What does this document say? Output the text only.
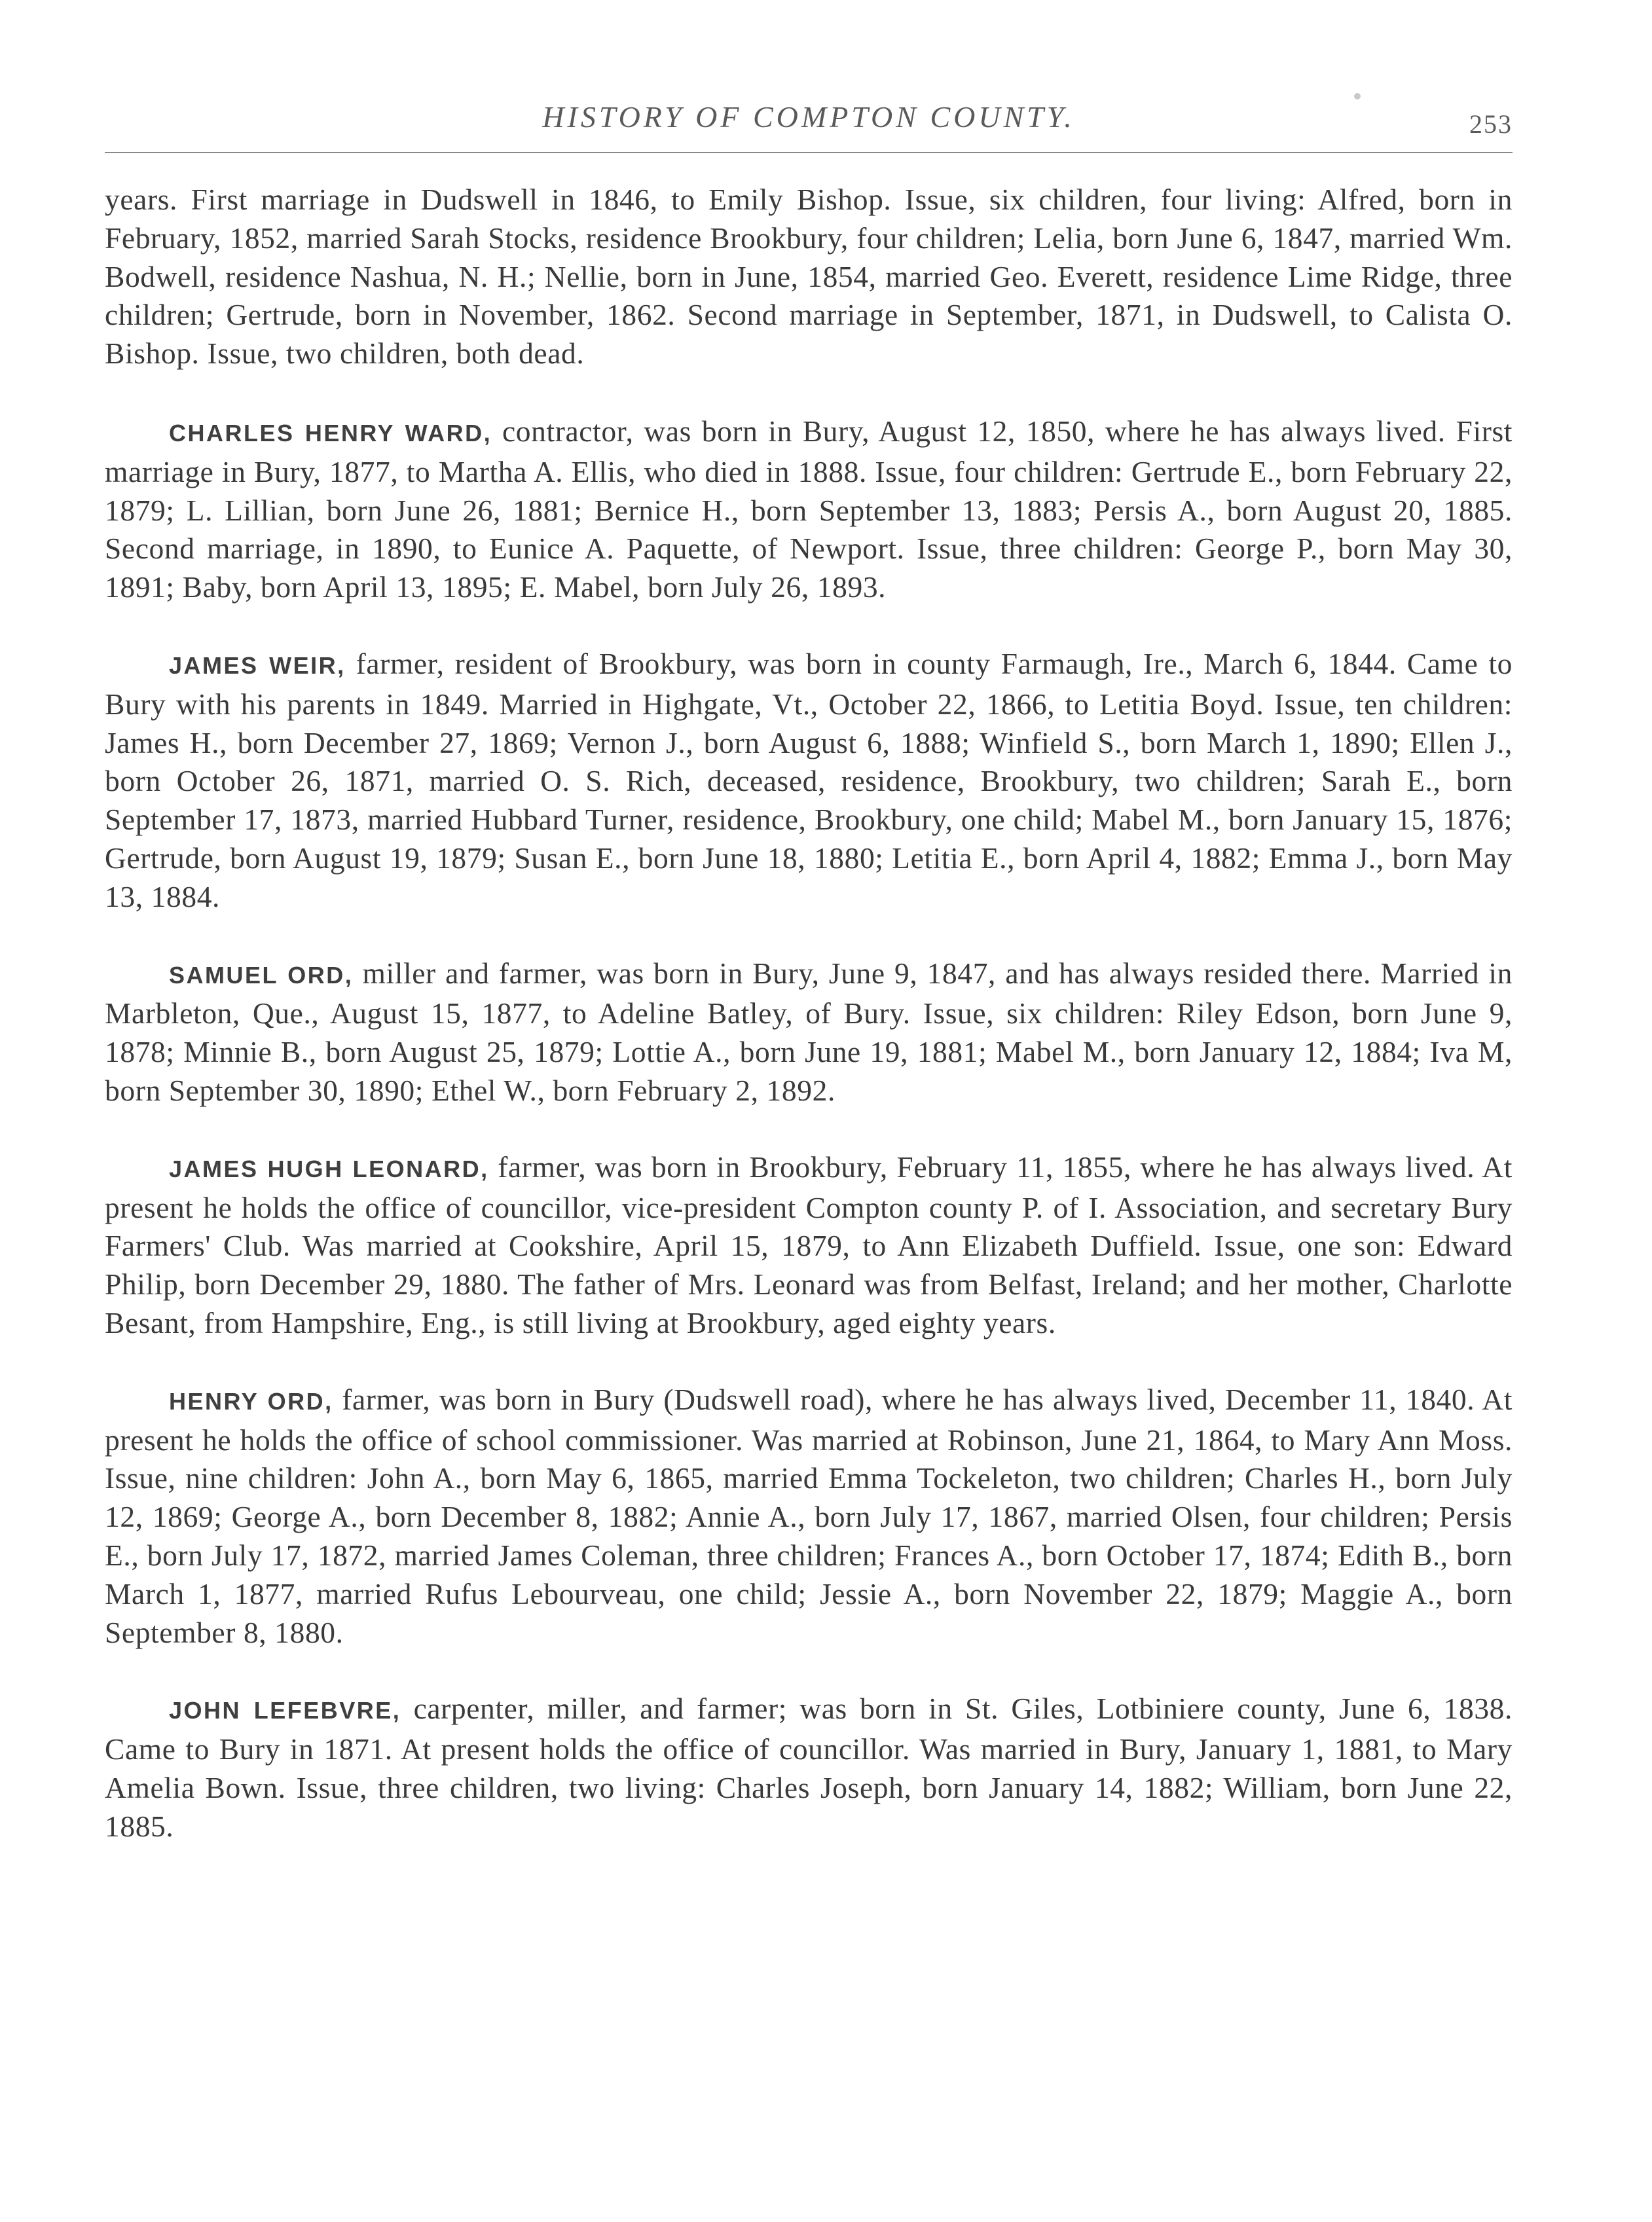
HISTORY OF COMPTON COUNTY.	253

years. First marriage in Dudswell in 1846, to Emily Bishop. Issue, six children, four living: Alfred, born in February, 1852, married Sarah Stocks, residence Brookbury, four children; Lelia, born June 6, 1847, married Wm. Bodwell, residence Nashua, N. H.; Nellie, born in June, 1854, married Geo. Everett, residence Lime Ridge, three children; Gertrude, born in November, 1862. Second marriage in September, 1871, in Dudswell, to Calista O. Bishop. Issue, two children, both dead.

CHARLES HENRY WARD, contractor, was born in Bury, August 12, 1850, where he has always lived. First marriage in Bury, 1877, to Martha A. Ellis, who died in 1888. Issue, four children: Gertrude E., born February 22, 1879; L. Lillian, born June 26, 1881; Bernice H., born September 13, 1883; Persis A., born August 20, 1885. Second marriage, in 1890, to Eunice A. Paquette, of Newport. Issue, three children: George P., born May 30, 1891; Baby, born April 13, 1895; E. Mabel, born July 26, 1893.

JAMES WEIR, farmer, resident of Brookbury, was born in county Farmaugh, Ire., March 6, 1844. Came to Bury with his parents in 1849. Married in Highgate, Vt., October 22, 1866, to Letitia Boyd. Issue, ten children: James H., born December 27, 1869; Vernon J., born August 6, 1888; Winfield S., born March 1, 1890; Ellen J., born October 26, 1871, married O. S. Rich, deceased, residence, Brookbury, two children; Sarah E., born September 17, 1873, married Hubbard Turner, residence, Brookbury, one child; Mabel M., born January 15, 1876; Gertrude, born August 19, 1879; Susan E., born June 18, 1880; Letitia E., born April 4, 1882; Emma J., born May 13, 1884.

SAMUEL ORD, miller and farmer, was born in Bury, June 9, 1847, and has always resided there. Married in Marbleton, Que., August 15, 1877, to Adeline Batley, of Bury. Issue, six children: Riley Edson, born June 9, 1878; Minnie B., born August 25, 1879; Lottie A., born June 19, 1881; Mabel M., born January 12, 1884; Iva M, born September 30, 1890; Ethel W., born February 2, 1892.

JAMES HUGH LEONARD, farmer, was born in Brookbury, February 11, 1855, where he has always lived. At present he holds the office of councillor, vice-president Compton county P. of I. Association, and secretary Bury Farmers' Club. Was married at Cookshire, April 15, 1879, to Ann Elizabeth Duffield. Issue, one son: Edward Philip, born December 29, 1880. The father of Mrs. Leonard was from Belfast, Ireland; and her mother, Charlotte Besant, from Hampshire, Eng., is still living at Brookbury, aged eighty years.

HENRY ORD, farmer, was born in Bury (Dudswell road), where he has always lived, December 11, 1840. At present he holds the office of school commissioner. Was married at Robinson, June 21, 1864, to Mary Ann Moss. Issue, nine children: John A., born May 6, 1865, married Emma Tockeleton, two children; Charles H., born July 12, 1869; George A., born December 8, 1882; Annie A., born July 17, 1867, married Olsen, four children; Persis E., born July 17, 1872, married James Coleman, three children; Frances A., born October 17, 1874; Edith B., born March 1, 1877, married Rufus Lebourveau, one child; Jessie A., born November 22, 1879; Maggie A., born September 8, 1880.

JOHN LEFEBVRE, carpenter, miller, and farmer; was born in St. Giles, Lotbiniere county, June 6, 1838. Came to Bury in 1871. At present holds the office of councillor. Was married in Bury, January 1, 1881, to Mary Amelia Bown. Issue, three children, two living: Charles Joseph, born January 14, 1882; William, born June 22, 1885.
